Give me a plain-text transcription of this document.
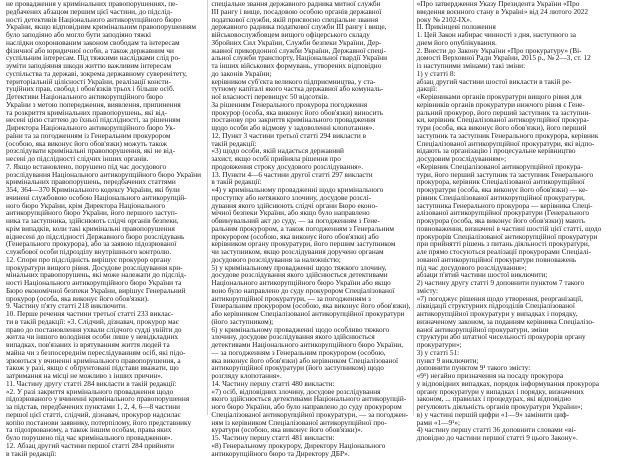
не провадження у кримінальних правопорушеннях, пе-
редбачених абзацом першим цієї частини, до підслід-
ності детективів Національного антикорупційного бюро
України, якщо відповідним кримінальним правопорушенням
було заподіяно або могло бути заподіяно тяжкі
наслідки охоронюваним законом свободам та інтересам
фізичної або юридичної особи, а також державним чи
суспільним інтересам. Під тяжкими наслідками слід ро-
зуміти заподіяння шкоди життю важливим інтересам
суспільства та державі, зокрема державному суверенітету,
територіальній цілісності України, реалізації консти-
туційних прав, свобод і обов'язків трьох і більше осіб.
Детективи Національного антикорупційного бюро
України з метою попередження, виявлення, припинення
та розкриття кримінальних правопорушень, які від-
несені цією статтею до їхньої підслідності, за рішенням
Директора Національного антикорупційного бюро Ук-
раїни та за погодженням із Генеральним прокурором
(особою, яка виконує його обов'язки) можуть також
розслідувати кримінальні правопорушення, які не від-
несені до підслідності слідчих інших органів.
7. Якщо встановлено, порушено під час досудового
розслідування Національного антикорупційного бюро України
кримінальних правопорушень, передбачених статтями
354, 364—370 Кримінального кодексу України, які були
вчинені службовою особою Національного антикорупцій-
ного бюро України, крім Директора Національного
антикорупційного бюро України, його першого заступ-
ника та заступника, здійснюють слідчі органів безпеки,
крім випадків, коли такі кримінальні правопорушення
віднесені до підслідності Державного бюро розслідувань
(Генерального прокурора), або за заявою підозрюваної
службової особи підрозділу внутрішнього контролю.
12. Спори про підслідність вирішує прокурор органу
прокуратури вищого рівня. Досудове розслідування кри-
мінальних правопорушень, які може належати до підслід-
ності Національного антикорупційного бюро України та
Бюро економічної безпеки України, вирішує Генеральний
прокурор (особа, яка виконує його обов'язки).
9. Частину п'яту статті 218 виключити.
10. Перше речення частини третьої статті 233 виклас-
ти в такій редакції: «3. Слідчий, дізнавач, прокурор має
право до постановлення ухвали слідчого судді увійти до
житла чи іншого володіння особи лише у невідкладних
випадках, пов'язаних із врятуванням життя людей та
майна чи з безпосереднім переслідуванням осіб, які підо-
зрюються у вчиненні кримінального правопорушення, а
також у разі, якщо є обґрунтовані підстави вважати, що
затримання на місці не можливо з інших причин».
11. Частину другу статті 284 викласти в такій редакції:
«2. У разі закриття кримінального провадження щодо
підозрюваного у вчиненні кримінального правопорушення
за підстав, передбачених пунктами 1, 2, 4, 6—8 частини
першої цієї статті, слідчий, дізнавач, прокурор надсилає
копію постанови заявнику, потерпілому, його представнику
та підозрюваному, а також іншим особам, права яких
було порушено під час кримінального провадження».
12. Абзац другий частини першої статті 284 прийняти
в такій редакції:
спеціальне звання державного радника митної служби
III рангу і вище, посадовою особою органів державної
податкової служби, якій присвоєно спеціальне звання
державного радника податкової служби III рангу і вище,
військовослужбовцем вищого офіцерського складу
Збройних Сил України, Служби безпеки України, Дер-
жавної прикордонної служби України, Державної спеці-
альної служби транспорту, Національної гвардії України
та інших військових формувань, утворених відповідно
до законів України;
керівником суб'єкта великого підприємництва, у ста-
тутному капіталі якого частка державної або комуналь-
ної власності перевищує 50 відсотків.
За рішенням Генерального прокурора погодження
прокурор (особа, яка виконує його обов'язки) виносить
постанову про закриття кримінального провадження
щодо особи або відмову у задоволенні клопотання».
12. Пункт 3 частини третьої статті 294 викласти в
такій редакції:
«3) щодо особи, якій надається державний
захист, якщо особі прийняла рішення про
продовження строку досудового розслідування».
13. Пункти 4—6 частини другої статті 297 викласти
в такій редакції:
«4) у кримінальному провадженні щодо кримінального
проступку або нетяжкого злочину, досудове розслі-
дування якого здійснюють слідчі органи Бюро еконо-
мічної безпеки України, або якщо було направлено
обвинувальний акт до суду, — за погодженням з Гене-
ральним прокурором, а також погодженням з Генеральним
прокурором (особою, яка виконує його обов'язки) або
керівником органу прокуратури, його першим заступником
чи заступником, якщо розслідування доручено органам
досудового розслідування за належністю;
5) у кримінальному провадженні щодо тяжкого злочину,
досудове розслідування якого здійснюється детективами
Національного антикорупційного бюро України або якщо
воно було направлено до суду прокурором Спеціалізованої
антикорупційної прокуратури, — за погодженням з
Генеральним прокурором (особою, яка виконує його обов'язки),
або керівником Спеціалізованої антикорупційної прокуратури
(його заступником);
6) у кримінальному провадженні щодо особливо тяжкого
злочину, досудове розслідування якого здійснюється
детективами Національного антикорупційного бюро України,
— за погодженням з Генеральним прокурором (особою,
яка виконує його обов'язки) або керівником Спеціалізованої
антикорупційної прокуратури (його заступником) щодо
розгляду клопотання».
14. Частину першу статті 480 викласти:
«7) осіб, відповідних злочину, досудове розслідування
якого здійснюється детективами Національного антикорупцій-
ного бюро України, або було направлено до суду прокурором
Спеціалізованої антикорупційної прокуратури, — за погоджен-
ням із керівником Спеціалізованої антикорупційної про-
куратури (особою, яка виконує його обов'язки)».
15. Частину першу статті 481 викласти:
«8) Генеральному прокурору, Директору Національного
антикорупційного бюро та Директору ДБР».
«Про затвердження Указу Президента України «Про
введення воєнного стану в Україні» від 24 лютого 2022
року № 2102-IX».
II. Прикінцеві положення
1. Цей Закон набирає чинності з дня, наступного за
днем його опублікування.
2. Внести до Закону України «Про прокуратуру» (Ві-
домості Верховної Ради України, 2015 р., № 2—3, ст. 12
із наступними змінами) такі зміни:
1) у статті 8:
абзац другий частини шостої викласти в такій ре-
дакції:
«Керівниками органів прокуратури вищого рівня для
керівників органів прокуратури нижчого рівня є Гене-
ральний прокурор, його перший заступник та заступни-
ки, керівник Спеціалізованої антикорупційної прокура-
тури (особа, яка виконує його обов'язки), його перший
заступник та заступник Генерального прокурора, керівник
Спеціалізованої антикорупційної прокуратури, які відпо-
відають за організацію і процесуальне керівництво
досудовим розслідуванням»;
«Керівник Спеціалізованої антикорупційної прокура-
тури, його перший заступник та заступник Генерального
прокурора, керівник Спеціалізованої антикорупційної
прокуратури (особа, яка виконує його обов'язки) — ке-
рівник Спеціалізованої антикорупційної прокуратури,
заступника Генерального прокурора — керівника Спеці-
алізованої антикорупційної прокуратури (Генерального
прокурора (особа, яка виконує його обов'язки)) мають
повноваження, визначені в частині шостій цієї статті, щодо
прокурорів Спеціалізованої антикорупційної прокуратури
при прийнятті рішень з питань діяльності прокуратури,
але прямо стосуються реалізації прокурорами Спеціалі-
зованої антикорупційної прокуратури повноважень
під час досудового розслідування»;
абзаци п'ятий частини шостої виключити;
2) частину другу статті 9 доповнити пунктом 7 такого
змісту:
«7) погоджує рішення щодо утворення, реорганізації,
ліквідації структурних підрозділів Спеціалізованої
антикорупційної прокуратури у випадках і порядку,
визначеному законом, за поданням керівника Спеціалізо-
ваної антикорупційної прокуратури, зміни
структури або штатної чисельності прокурорів органу
прокуратури»;
3) у статті 51:
пункт 9 виключити;
доповнити пунктом 9¹ такого змісту:
«9¹) негайно призначення на посаду прокурора
у відповідних випадках, порядок інформування прокурора
органу прокуратури у випадках і порядку, визначених
законом, ... правилах і процедурах, які відповідно
регулюють діяльність органів прокуратури України»;
в) у частині першій цифри «1—9» замінити циф-
рами «1—9¹»;
4) частину першу статті 36 доповнити словами «ві-
дповідно до частини першої статті 9 цього Закону».
